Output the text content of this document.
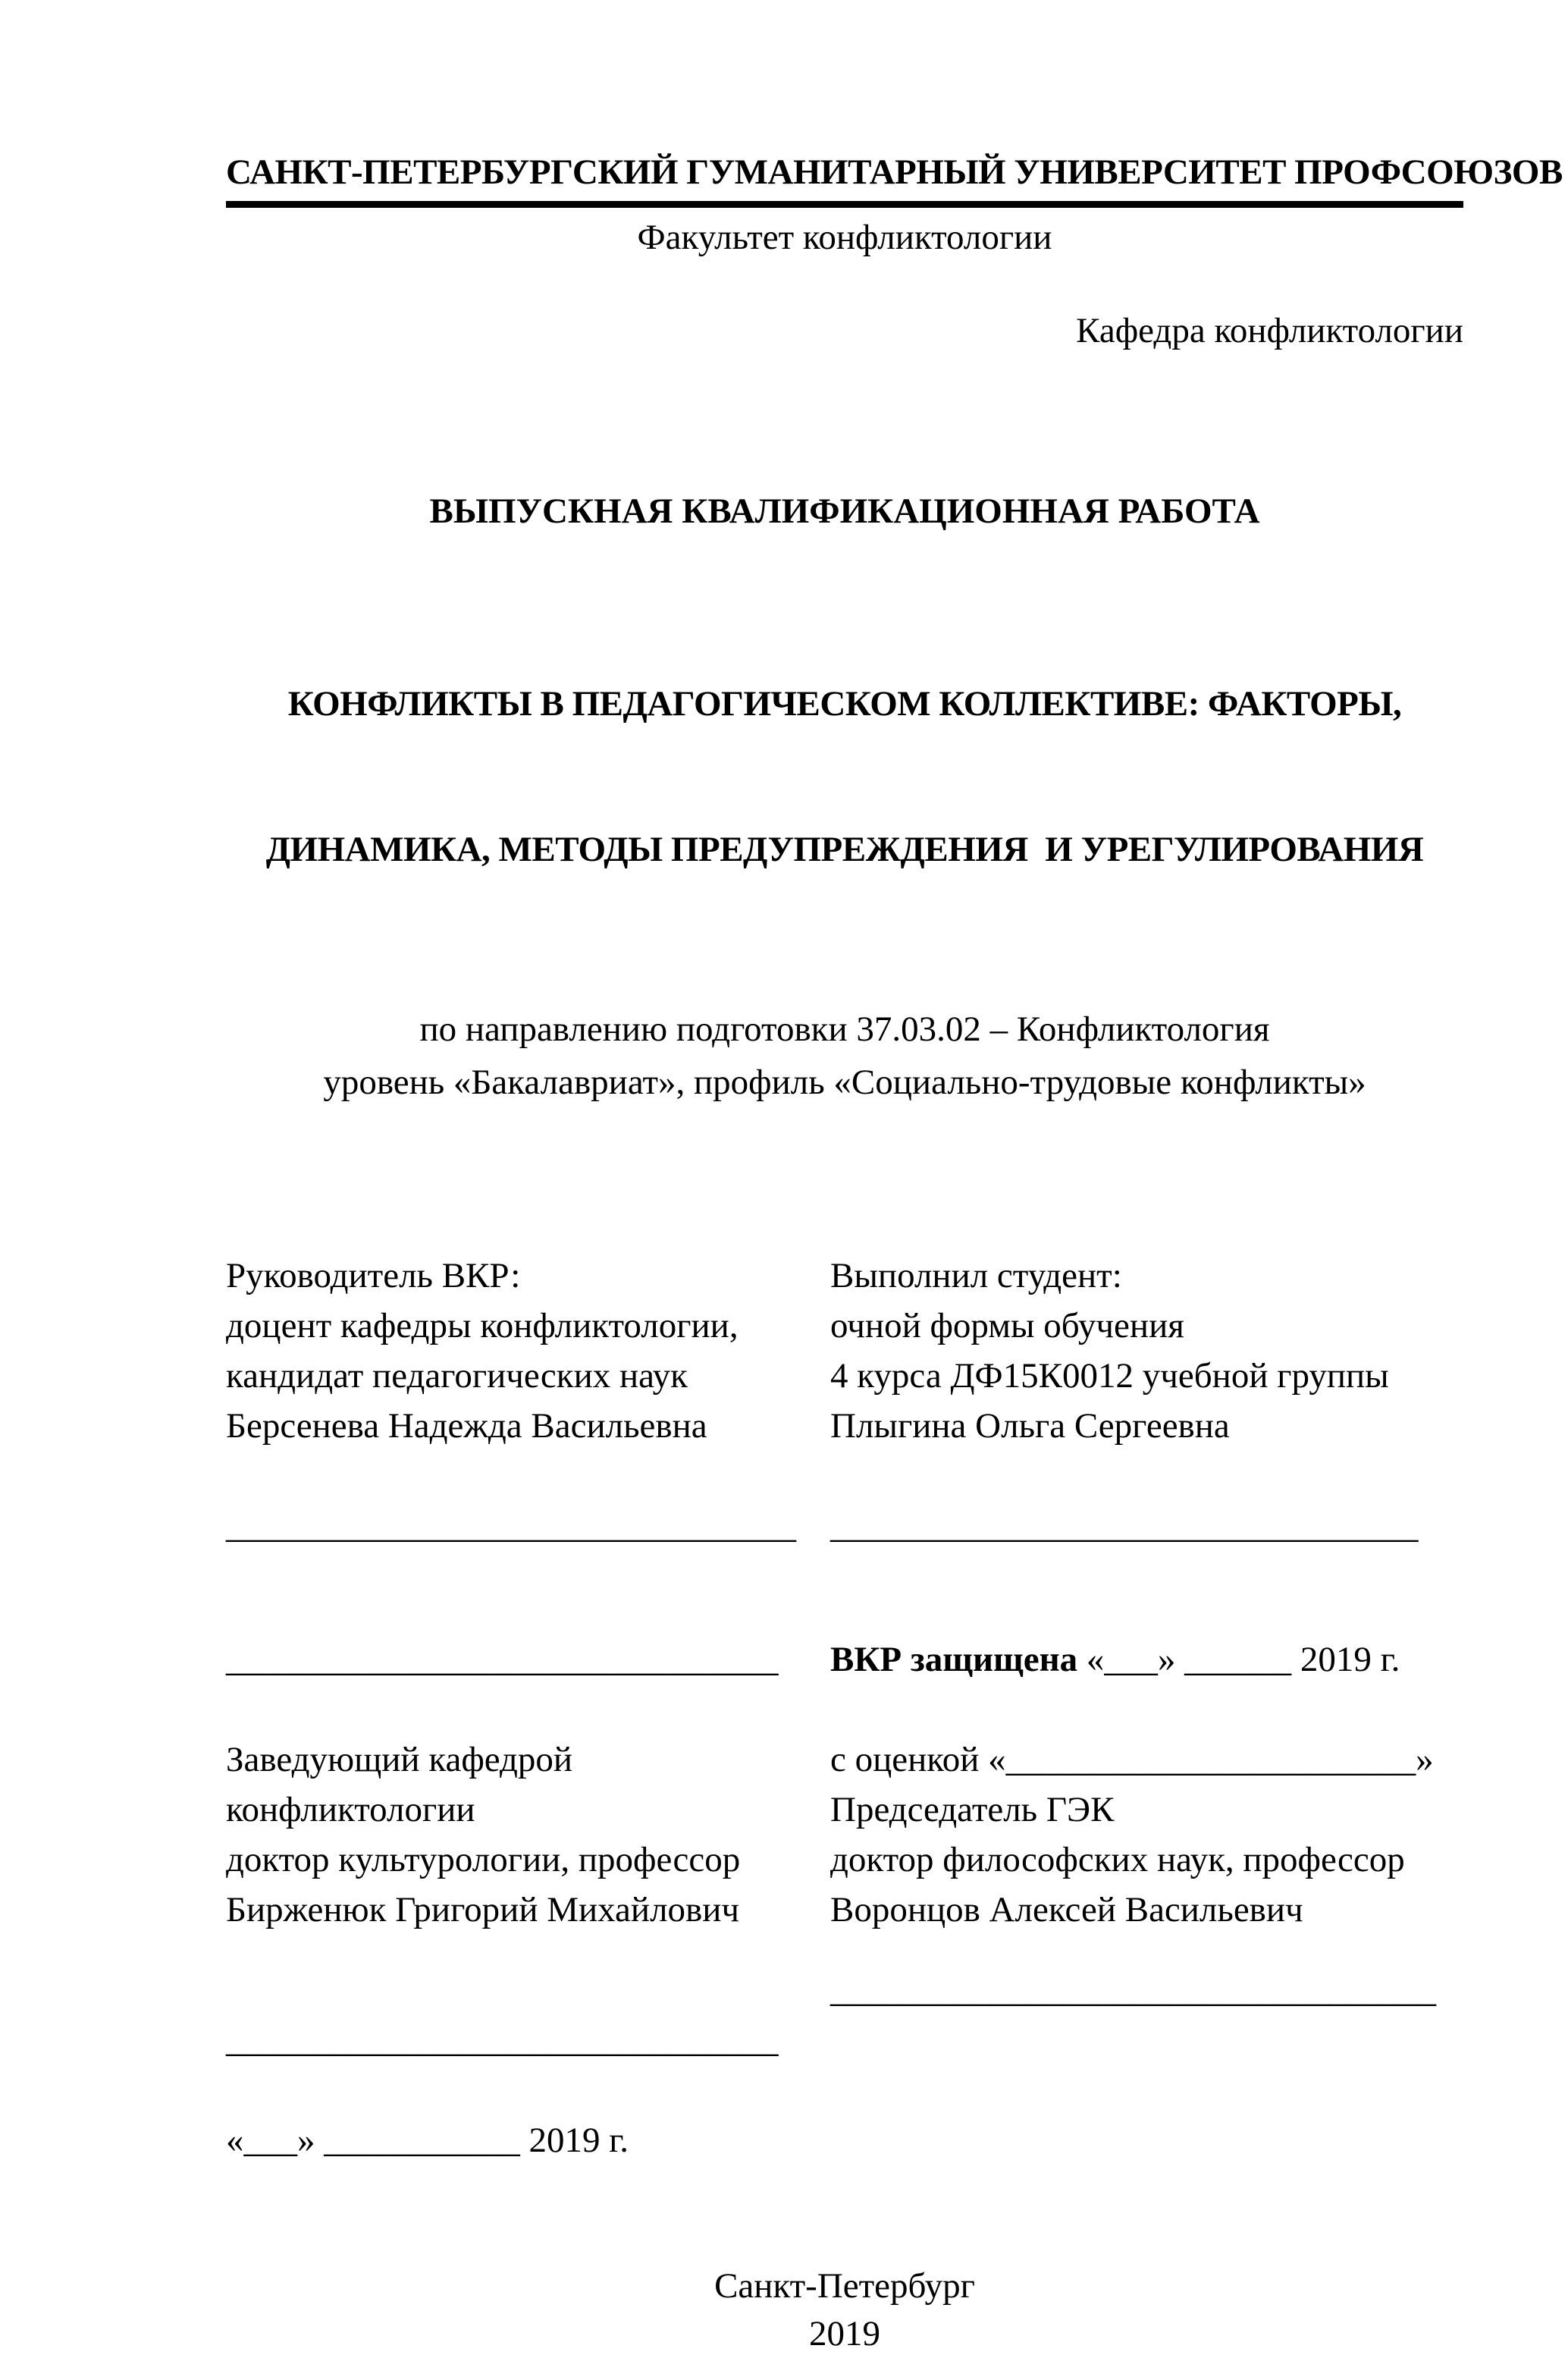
САНКТ-ПЕТЕРБУРГСКИЙ ГУМАНИТАРНЫЙ УНИВЕРСИТЕТ ПРОФСОЮЗОВ
Факультет конфликтологии
Кафедра конфликтологии
ВЫПУСКНАЯ КВАЛИФИКАЦИОННАЯ РАБОТА

КОНФЛИКТЫ В ПЕДАГОГИЧЕСКОМ КОЛЛЕКТИВЕ: ФАКТОРЫ,

ДИНАМИКА, МЕТОДЫ ПРЕДУПРЕЖДЕНИЯ  И УРЕГУЛИРОВАНИЯ

по направлению подготовки 37.03.02 – Конфликтология
уровень «Бакалавриат», профиль «Социально-трудовые конфликты»
Руководитель ВКР:	Выполнил студент:
доцент кафедры конфликтологии,	очной формы обучения
кандидат педагогических наук	4 курса ДФ15К0012 учебной группы
Берсенева Надежда Васильевна	Плыгина Ольга Сергеевна
________________________________ _________________________________
_______________________________	ВКР защищена «___» ______ 2019 г.
Заведующий кафедрой	с оценкой «_______________________»
конфликтологии	Председатель ГЭК
доктор культурологии, профессор	доктор философских наук, профессор
Бирженюк Григорий Михайлович	Воронцов Алексей Васильевич
__________________________________
_______________________________
«___» ___________ 2019 г.
Санкт-Петербург
2019
